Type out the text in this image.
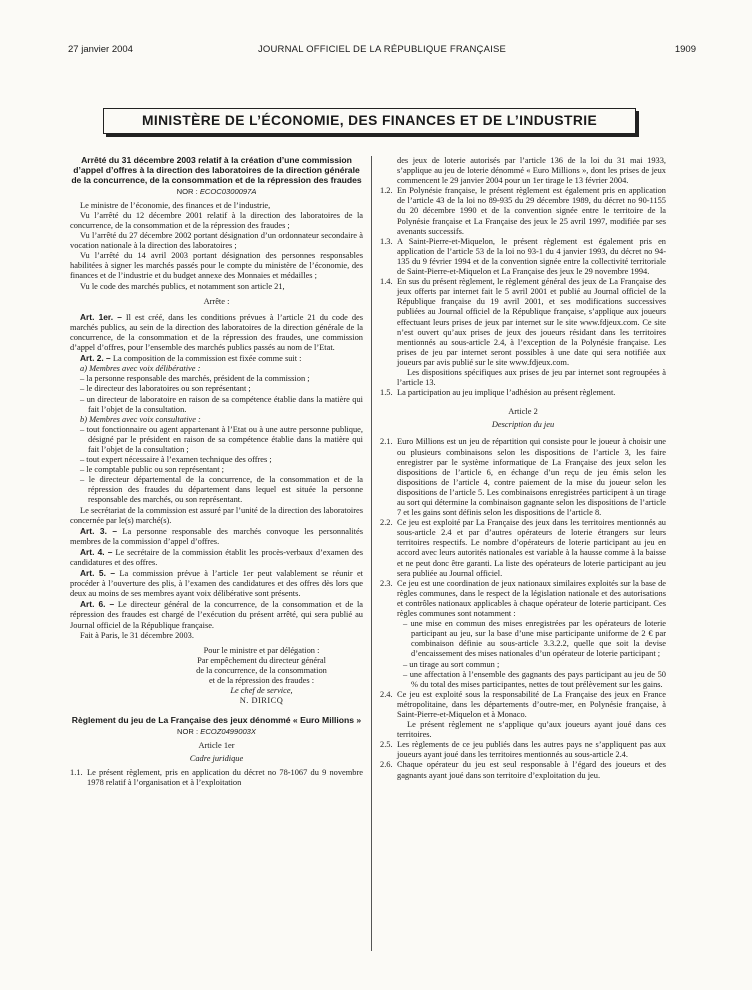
27 janvier 2004	JOURNAL OFFICIEL DE LA RÉPUBLIQUE FRANÇAISE	1909
MINISTÈRE DE L’ÉCONOMIE, DES FINANCES ET DE L’INDUSTRIE
Arrêté du 31 décembre 2003 relatif à la création d’une commission d’appel d’offres à la direction des laboratoires de la direction générale de la concurrence, de la consommation et de la répression des fraudes
NOR : ECOC0300097A
Le ministre de l’économie, des finances et de l’industrie,
Vu l’arrêté du 12 décembre 2001 relatif à la direction des laboratoires de la concurrence, de la consommation et de la répression des fraudes ;
Vu l’arrêté du 27 décembre 2002 portant désignation d’un ordonnateur secondaire à vocation nationale à la direction des laboratoires ;
Vu l’arrêté du 14 avril 2003 portant désignation des personnes responsables habilitées à signer les marchés passés pour le compte du ministère de l’économie, des finances et de l’industrie et du budget annexe des Monnaies et médailles ;
Vu le code des marchés publics, et notamment son article 21,
Arrête :
Art. 1er. – Il est créé, dans les conditions prévues à l’article 21 du code des marchés publics, au sein de la direction des laboratoires de la direction générale de la concurrence, de la consommation et de la répression des fraudes, une commission d’appel d’offres, pour l’ensemble des marchés publics passés au nom de l’Etat.
Art. 2. – La composition de la commission est fixée comme suit :
a) Membres avec voix délibérative :
– la personne responsable des marchés, président de la commission ;
– le directeur des laboratoires ou son représentant ;
– un directeur de laboratoire en raison de sa compétence établie dans la matière qui fait l’objet de la consultation.
b) Membres avec voix consultative :
– tout fonctionnaire ou agent appartenant à l’Etat ou à une autre personne publique, désigné par le président en raison de sa compétence établie dans la matière qui fait l’objet de la consultation ;
– tout expert nécessaire à l’examen technique des offres ;
– le comptable public ou son représentant ;
– le directeur départemental de la concurrence, de la consommation et de la répression des fraudes du département dans lequel est située la personne responsable des marchés, ou son représentant.
Le secrétariat de la commission est assuré par l’unité de la direction des laboratoires concernée par le(s) marché(s).
Art. 3. – La personne responsable des marchés convoque les personnalités membres de la commission d’appel d’offres.
Art. 4. – Le secrétaire de la commission établit les procès-verbaux d’examen des candidatures et des offres.
Art. 5. – La commission prévue à l’article 1er peut valablement se réunir et procéder à l’ouverture des plis, à l’examen des candidatures et des offres dès lors que deux au moins de ses membres ayant voix délibérative sont présents.
Art. 6. – Le directeur général de la concurrence, de la consommation et de la répression des fraudes est chargé de l’exécution du présent arrêté, qui sera publié au Journal officiel de la République française.
Fait à Paris, le 31 décembre 2003.
Pour le ministre et par délégation :
Par empêchement du directeur général
de la concurrence, de la consommation
et de la répression des fraudes :
Le chef de service,
N. DIRICQ
Règlement du jeu de La Française des jeux dénommé « Euro Millions »
NOR : ECOZ0499003X
Article 1er
Cadre juridique
1.1. Le présent règlement, pris en application du décret no 78-1067 du 9 novembre 1978 relatif à l’organisation et à l’exploitation
des jeux de loterie autorisés par l’article 136 de la loi du 31 mai 1933, s’applique au jeu de loterie dénommé « Euro Millions », dont les prises de jeux commencent le 29 janvier 2004 pour un 1er tirage le 13 février 2004.
1.2. En Polynésie française, le présent règlement est également pris en application de l’article 43 de la loi no 89-935 du 29 décembre 1989, du décret no 90-1155 du 20 décembre 1990 et de la convention signée entre le territoire de la Polynésie française et La Française des jeux le 25 avril 1997, modifiée par ses avenants successifs.
1.3. A Saint-Pierre-et-Miquelon, le présent règlement est également pris en application de l’article 53 de la loi no 93-1 du 4 janvier 1993, du décret no 94-135 du 9 février 1994 et de la convention signée entre la collectivité territoriale de Saint-Pierre-et-Miquelon et La Française des jeux le 29 novembre 1994.
1.4. En sus du présent règlement, le règlement général des jeux de La Française des jeux offerts par internet fait le 5 avril 2001 et publié au Journal officiel de la République française du 19 avril 2001, et ses modifications successives publiées au Journal officiel de la République française, s’applique aux joueurs effectuant leurs prises de jeux par internet sur le site www.fdjeux.com. Ce site n’est ouvert qu’aux prises de jeux des joueurs résidant dans les territoires mentionnés au sous-article 2.4, à l’exception de la Polynésie française. Les prises de jeu par internet seront possibles à une date qui sera notifiée aux joueurs par avis publié sur le site www.fdjeux.com.
Les dispositions spécifiques aux prises de jeu par internet sont regroupées à l’article 13.
1.5. La participation au jeu implique l’adhésion au présent règlement.
Article 2
Description du jeu
2.1. Euro Millions est un jeu de répartition qui consiste pour le joueur à choisir une ou plusieurs combinaisons selon les dispositions de l’article 3, les faire enregistrer par le système informatique de La Française des jeux selon les dispositions de l’article 6, en échange d’un reçu de jeu émis selon les dispositions de l’article 4, contre paiement de la mise du joueur selon les dispositions de l’article 5. Les combinaisons enregistrées participent à un tirage au sort qui détermine la combinaison gagnante selon les dispositions de l’article 7 et les gains sont définis selon les dispositions de l’article 8.
2.2. Ce jeu est exploité par La Française des jeux dans les territoires mentionnés au sous-article 2.4 et par d’autres opérateurs de loterie étrangers sur leurs territoires respectifs. Le nombre d’opérateurs de loterie participant au jeu en accord avec leurs autorités nationales est variable à la hausse comme à la baisse et ne peut donc être garanti. La liste des opérateurs de loterie participant au jeu sera publiée au Journal officiel.
2.3. Ce jeu est une coordination de jeux nationaux similaires exploités sur la base de règles communes, dans le respect de la législation nationale et des autorisations et contrôles nationaux applicables à chaque opérateur de loterie participant. Ces règles communes sont notamment :
– une mise en commun des mises enregistrées par les opérateurs de loterie participant au jeu, sur la base d’une mise participante uniforme de 2 € par combinaison définie au sous-article 3.3.2.2, quelle que soit la devise d’encaissement des mises nationales d’un opérateur de loterie participant ;
– un tirage au sort commun ;
– une affectation à l’ensemble des gagnants des pays participant au jeu de 50 % du total des mises participantes, nettes de tout prélèvement sur les gains.
2.4. Ce jeu est exploité sous la responsabilité de La Française des jeux en France métropolitaine, dans les départements d’outre-mer, en Polynésie française, à Saint-Pierre-et-Miquelon et à Monaco.
Le présent règlement ne s’applique qu’aux joueurs ayant joué dans ces territoires.
2.5. Les règlements de ce jeu publiés dans les autres pays ne s’appliquent pas aux joueurs ayant joué dans les territoires mentionnés au sous-article 2.4.
2.6. Chaque opérateur du jeu est seul responsable à l’égard des joueurs et des gagnants ayant joué dans son territoire d’exploitation du jeu.
